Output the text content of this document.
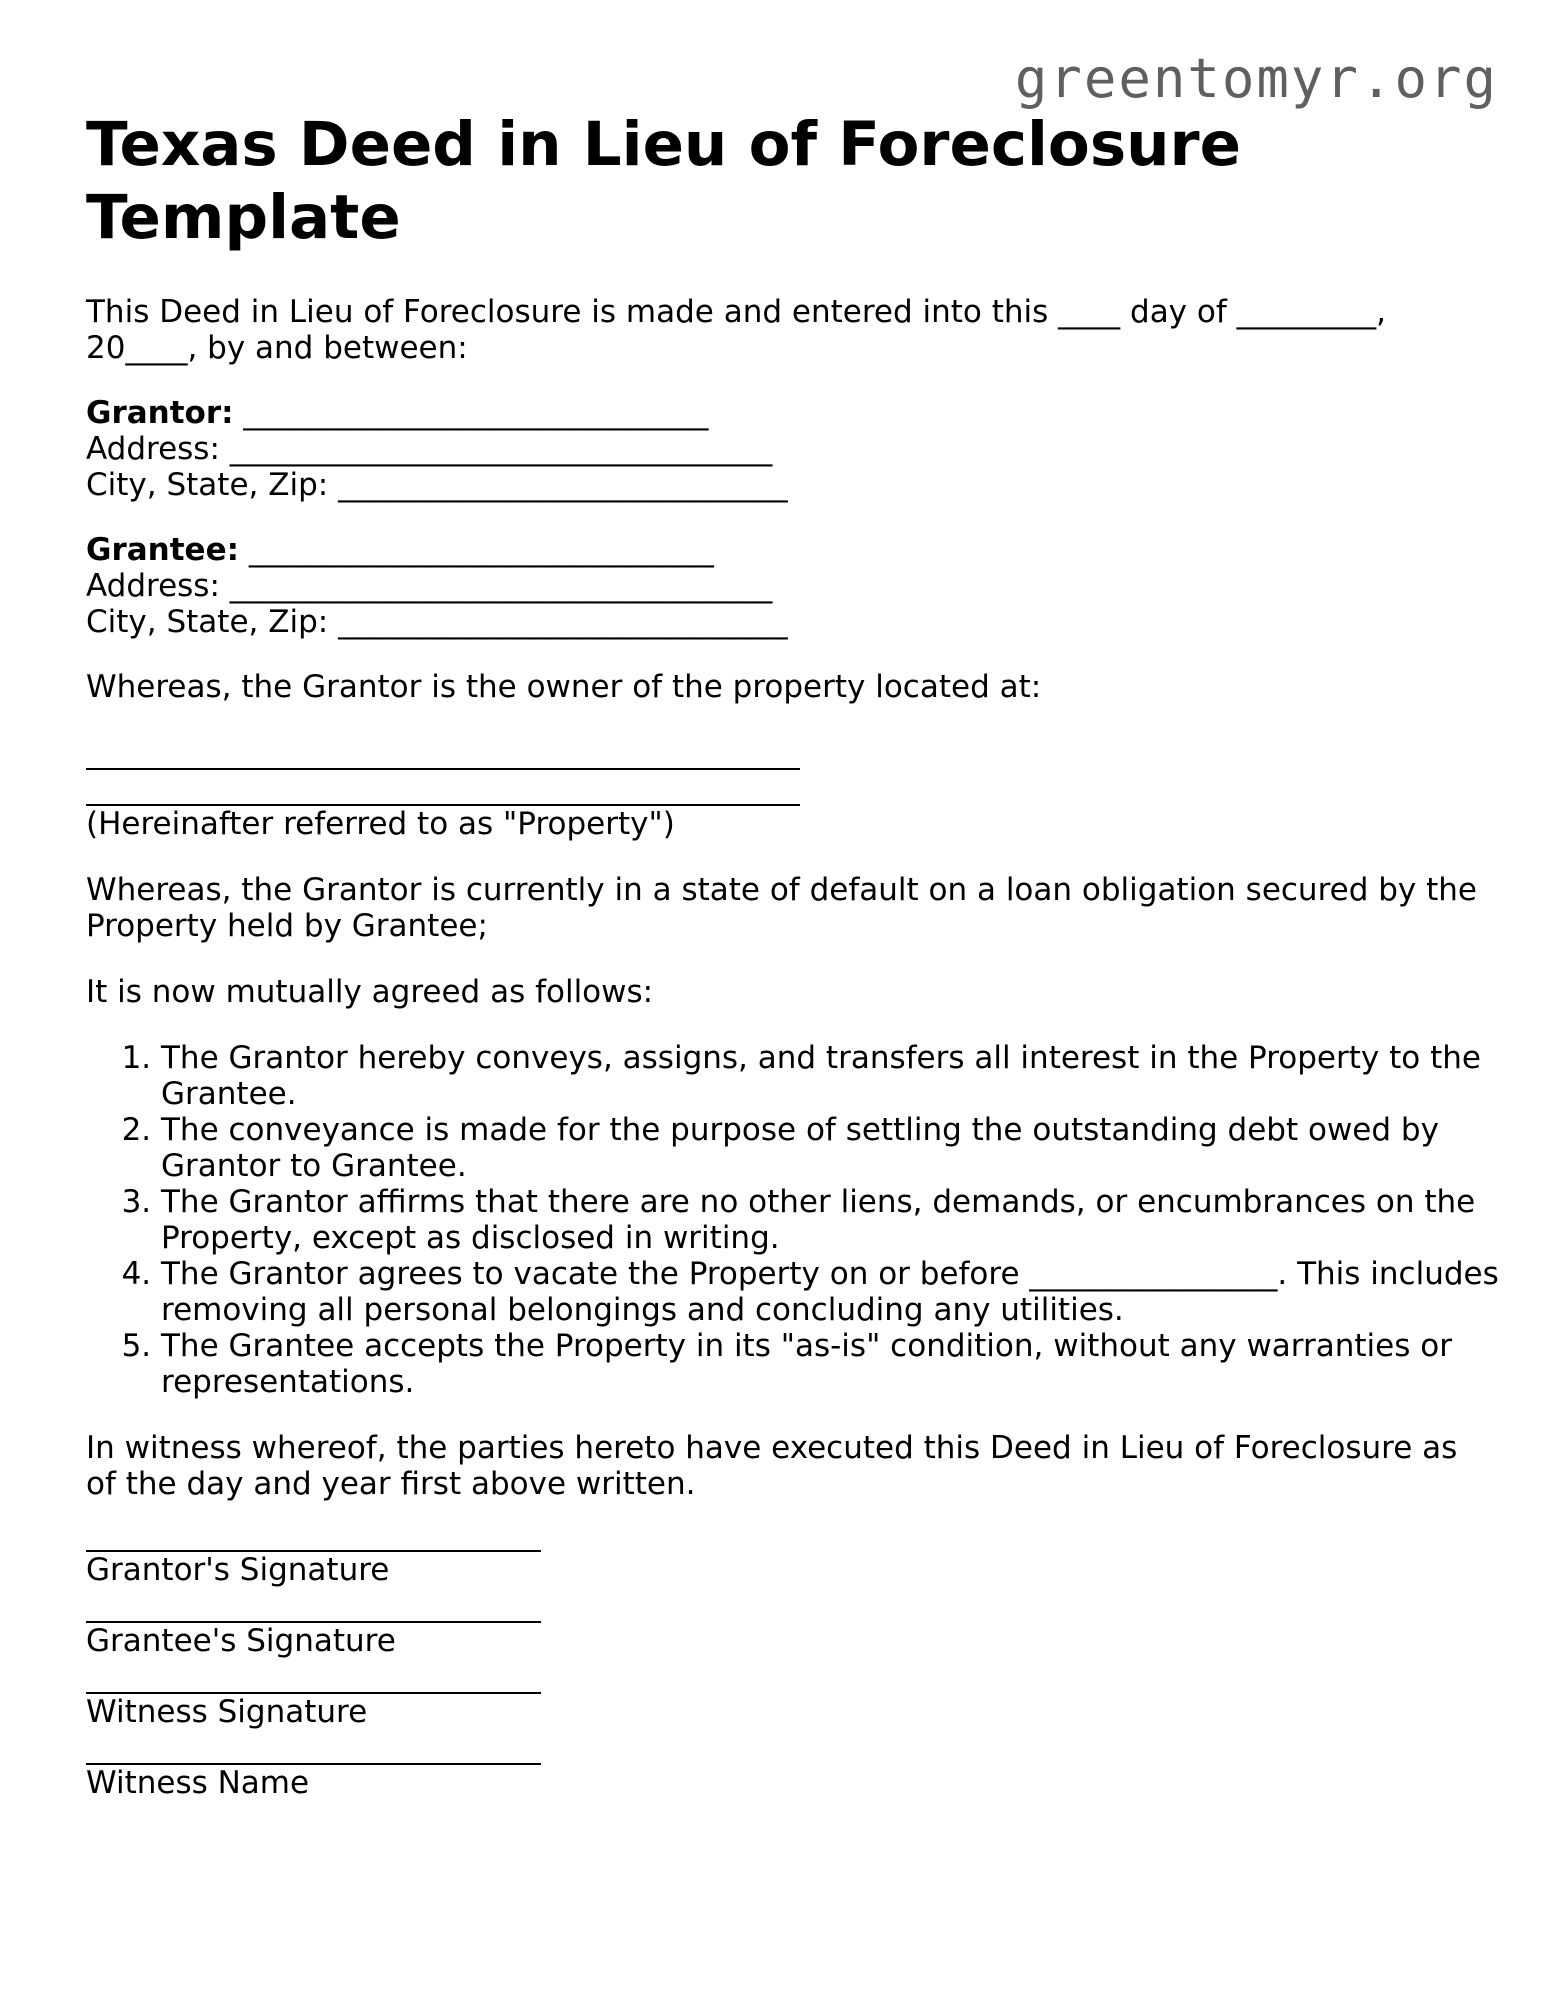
greentomyr.org
Texas Deed in Lieu of Foreclosure Template

This Deed in Lieu of Foreclosure is made and entered into this ____ day of _________, 20____, by and between:

Grantor: ______________________________
Address: ___________________________________
City, State, Zip: _____________________________
Grantee: ______________________________
Address: ___________________________________
City, State, Zip: _____________________________

Whereas, the Grantor is the owner of the property located at:

(Hereinafter referred to as "Property")

Whereas, the Grantor is currently in a state of default on a loan obligation secured by the Property held by Grantee;

It is now mutually agreed as follows:

1. The Grantor hereby conveys, assigns, and transfers all interest in the Property to the Grantee.
2. The conveyance is made for the purpose of settling the outstanding debt owed by Grantor to Grantee.
3. The Grantor affirms that there are no other liens, demands, or encumbrances on the Property, except as disclosed in writing.
4. The Grantor agrees to vacate the Property on or before ________________. This includes removing all personal belongings and concluding any utilities.
5. The Grantee accepts the Property in its "as-is" condition, without any warranties or representations.

In witness whereof, the parties hereto have executed this Deed in Lieu of Foreclosure as of the day and year first above written.

Grantor's Signature
Grantee's Signature
Witness Signature
Witness Name
